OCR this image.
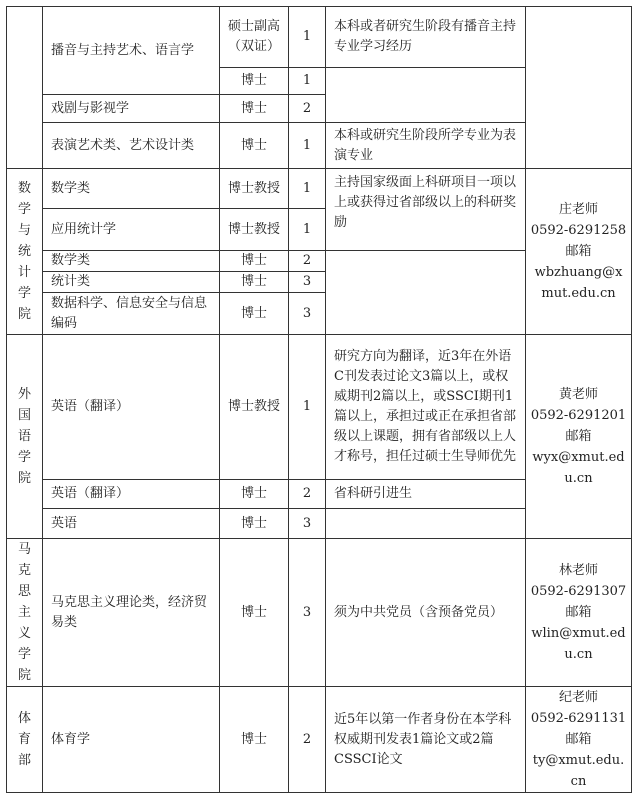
	播音与主持艺术、语言学	硕士副高（双证）	1	本科或者研究生阶段有播音主持专业学习经历	
		博士	1		
	戏剧与影视学	博士	2		
	表演艺术类、艺术设计类	博士	1	本科或研究生阶段所学专业为表演专业	

数学与统计学院	数学类	博士教授	1	主持国家级面上科研项目一项以上或获得过省部级以上的科研奖励	庄老师
0592-6291258
邮箱
wbzhuang@xmut.edu.cn

	应用统计学	博士教授	1		
	数学类	博士	2		
	统计类	博士	3		
	数据科学、信息安全与信息编码	博士	3		

外国语学院	英语（翻译）	博士教授	1	研究方向为翻译，近3年在外语C刊发表过论文3篇以上，或权威期刊2篇以上，或SSCI期刊1篇以上，承担过或正在承担省部级以上课题，拥有省部级以上人才称号，担任过硕士生导师优先	黄老师
0592-6291201
邮箱
wyx@xmut.edu.cn

	英语（翻译）	博士	2	省科研引进生	
	英语	博士	3		

马克思主义学院	马克思主义理论类，经济贸易类	博士	3	须为中共党员（含预备党员）	林老师
0592-6291307
邮箱
wlin@xmut.edu.cn

体育部	体育学	博士	2	近5年以第一作者身份在本学科权威期刊发表1篇论文或2篇CSSCI论文	纪老师
0592-6291131
邮箱
ty@xmut.edu.cn
